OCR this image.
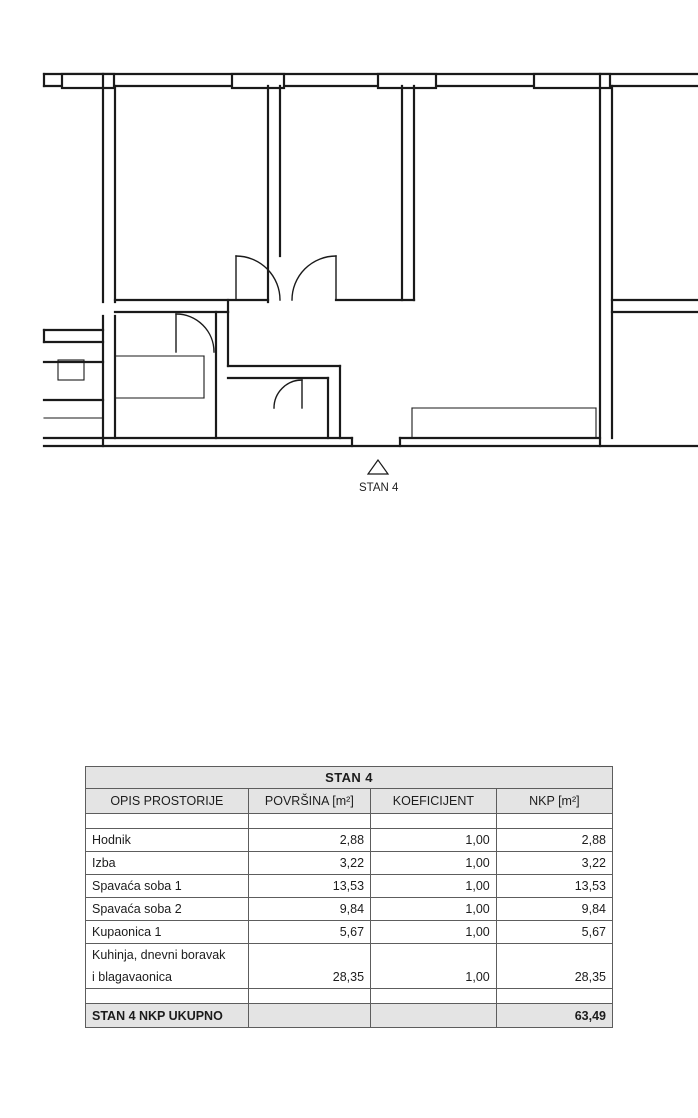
STAN 4
STAN 4			
OPIS PROSTORIJE	POVRŠINA [m²]	KOEFICIJENT	NKP [m²]

Hodnik	2,88	1,00	2,88
Izba	3,22	1,00	3,22
Spavaća soba 1	13,53	1,00	13,53
Spavaća soba 2	9,84	1,00	9,84
Kupaonica 1	5,67	1,00	5,67
Kuhinja, dnevni boravak			
i blagavaonica	28,35	1,00	28,35

STAN 4 NKP UKUPNO			63,49
